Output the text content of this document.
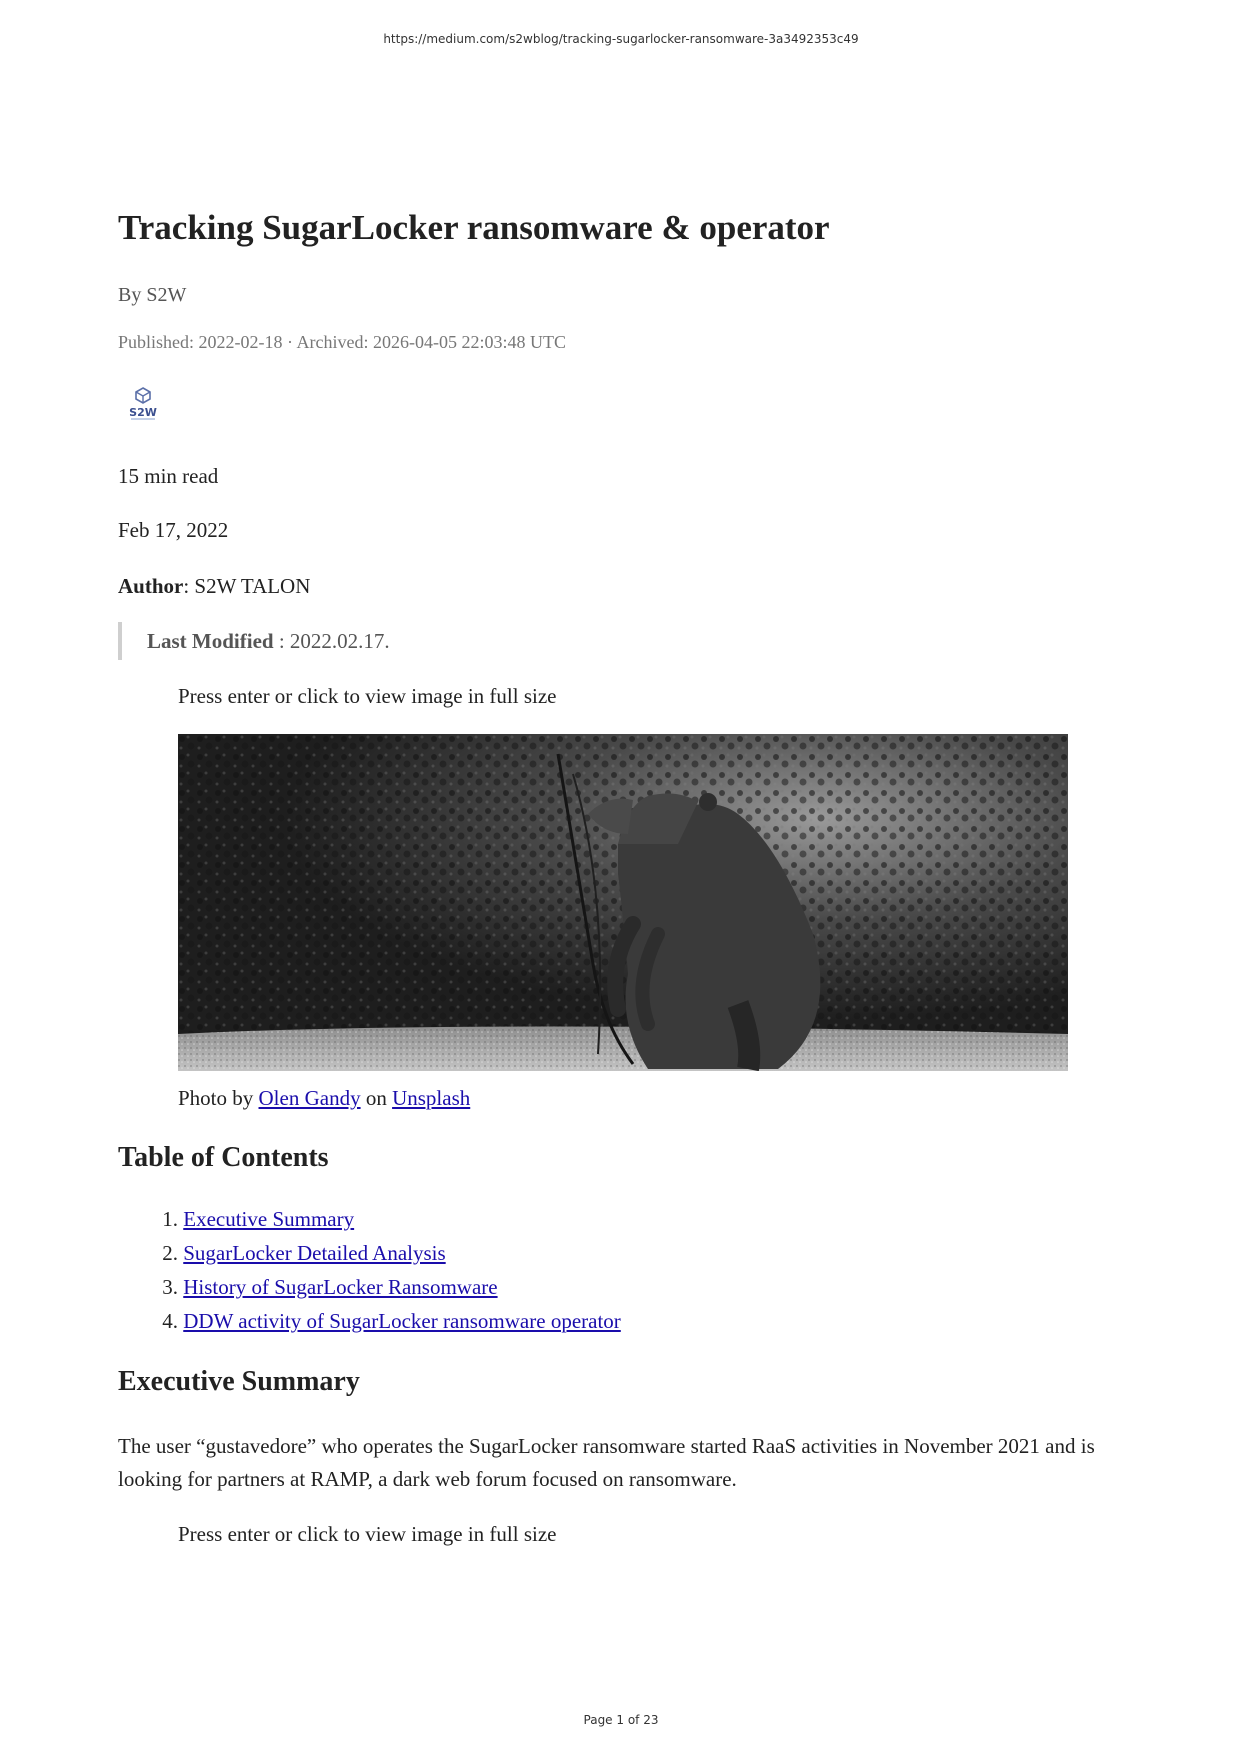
https://medium.com/s2wblog/tracking-sugarlocker-ransomware-3a3492353c49
Tracking SugarLocker ransomware & operator
By S2W
Published: 2022-02-18 · Archived: 2026-04-05 22:03:48 UTC
S2W
15 min read
Feb 17, 2022
Author: S2W TALON
Last Modified : 2022.02.17.
Press enter or click to view image in full size
Photo by Olen Gandy on Unsplash
Table of Contents
1. Executive Summary
2. SugarLocker Detailed Analysis
3. History of SugarLocker Ransomware
4. DDW activity of SugarLocker ransomware operator
Executive Summary

The user “gustavedore” who operates the SugarLocker ransomware started RaaS activities in November 2021 and is looking for partners at RAMP, a dark web forum focused on ransomware.

Press enter or click to view image in full size
Page 1 of 23
